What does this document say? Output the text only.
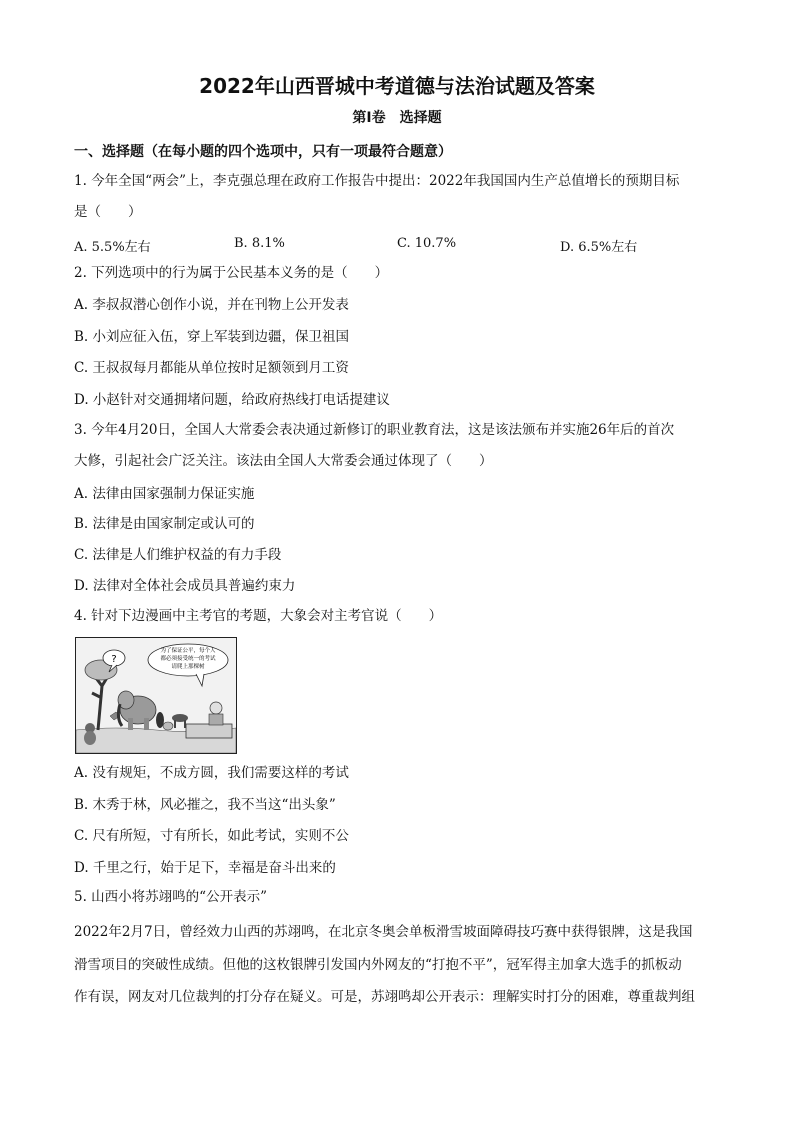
2022年山西晋城中考道德与法治试题及答案
第Ⅰ卷　选择题
一、选择题（在每小题的四个选项中，只有一项最符合题意）
1. 今年全国“两会”上，李克强总理在政府工作报告中提出：2022年我国国内生产总值增长的预期目标
是（　　）
A. 5.5%左右	B. 8.1%	C. 10.7%	D. 6.5%左右
2. 下列选项中的行为属于公民基本义务的是（　　）
A. 李叔叔潜心创作小说，并在刊物上公开发表
B. 小刘应征入伍，穿上军装到边疆，保卫祖国
C. 王叔叔每月都能从单位按时足额领到月工资
D. 小赵针对交通拥堵问题，给政府热线打电话提建议
3. 今年4月20日，全国人大常委会表决通过新修订的职业教育法，这是该法颁布并实施26年后的首次
大修，引起社会广泛关注。该法由全国人大常委会通过体现了（　　）
A. 法律由国家强制力保证实施
B. 法律是由国家制定或认可的
C. 法律是人们维护权益的有力手段
D. 法律对全体社会成员具普遍约束力
4. 针对下边漫画中主考官的考题，大象会对主考官说（　　）
?
为了保证公平，每个人
都必须接受统一的考试
请爬上那棵树
A. 没有规矩，不成方圆，我们需要这样的考试
B. 木秀于林，风必摧之，我不当这“出头象”
C. 尺有所短，寸有所长，如此考试，实则不公
D. 千里之行，始于足下，幸福是奋斗出来的
5. 山西小将苏翊鸣的“公开表示”
2022年2月7日，曾经效力山西的苏翊鸣，在北京冬奥会单板滑雪坡面障碍技巧赛中获得银牌，这是我国
滑雪项目的突破性成绩。但他的这枚银牌引发国内外网友的“打抱不平”，冠军得主加拿大选手的抓板动
作有误，网友对几位裁判的打分存在疑义。可是，苏翊鸣却公开表示：理解实时打分的困难，尊重裁判组
